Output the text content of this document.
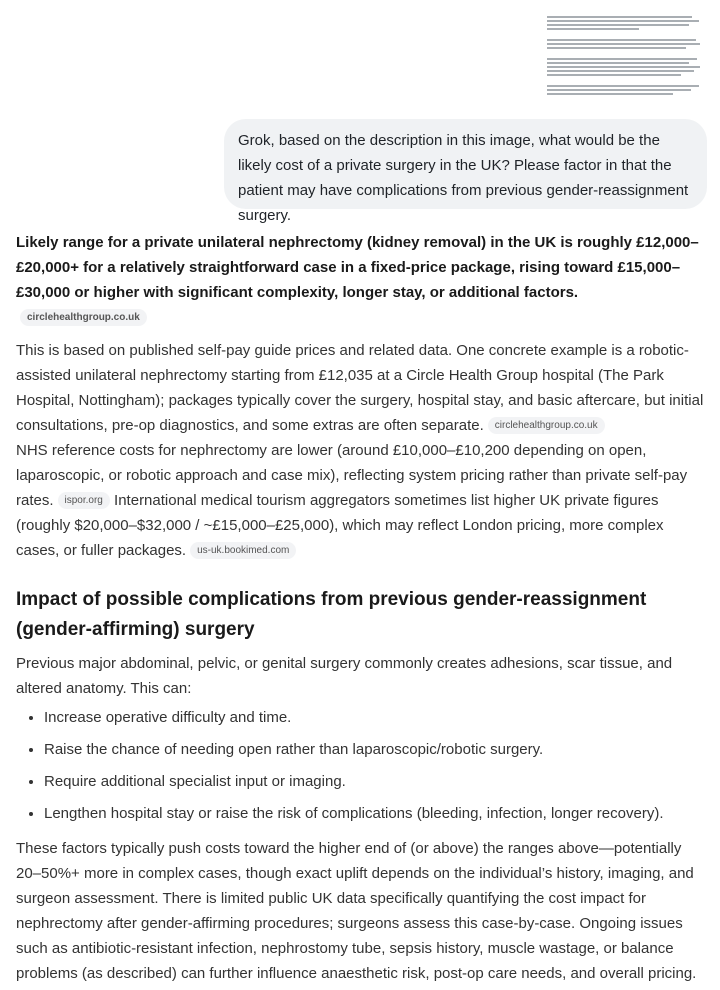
Grok, based on the description in this image, what would be the likely cost of a private surgery in the UK? Please factor in that the patient may have complications from previous gender-reassignment surgery.

Likely range for a private unilateral nephrectomy (kidney removal) in the UK is roughly £12,000–£20,000+ for a relatively straightforward case in a fixed-price package, rising toward £15,000–£30,000 or higher with significant complexity, longer stay, or additional factors.circlehealthgroup.co.uk

This is based on published self-pay guide prices and related data. One concrete example is a robotic-assisted unilateral nephrectomy starting from £12,035 at a Circle Health Group hospital (The Park Hospital, Nottingham); packages typically cover the surgery, hospital stay, and basic aftercare, but initial consultations, pre-op diagnostics, and some extras are often separate. circlehealthgroup.co.uk
NHS reference costs for nephrectomy are lower (around £10,000–£10,200 depending on open, laparoscopic, or robotic approach and case mix), reflecting system pricing rather than private self-pay rates. ispor.org International medical tourism aggregators sometimes list higher UK private figures (roughly $20,000–$32,000 / ~£15,000–£25,000), which may reflect London pricing, more complex cases, or fuller packages. us-uk.bookimed.com

Impact of possible complications from previous gender-reassignment (gender-affirming) surgery

Previous major abdominal, pelvic, or genital surgery commonly creates adhesions, scar tissue, and altered anatomy. This can:

• Increase operative difficulty and time.
• Raise the chance of needing open rather than laparoscopic/robotic surgery.
• Require additional specialist input or imaging.
• Lengthen hospital stay or raise the risk of complications (bleeding, infection, longer recovery).

These factors typically push costs toward the higher end of (or above) the ranges above—potentially 20–50%+ more in complex cases, though exact uplift depends on the individual’s history, imaging, and surgeon assessment. There is limited public UK data specifically quantifying the cost impact for nephrectomy after gender-affirming procedures; surgeons assess this case-by-case. Ongoing issues such as antibiotic-resistant infection, nephrostomy tube, sepsis history, muscle wastage, or balance problems (as described) can further influence anaesthetic risk, post-op care needs, and overall pricing.
